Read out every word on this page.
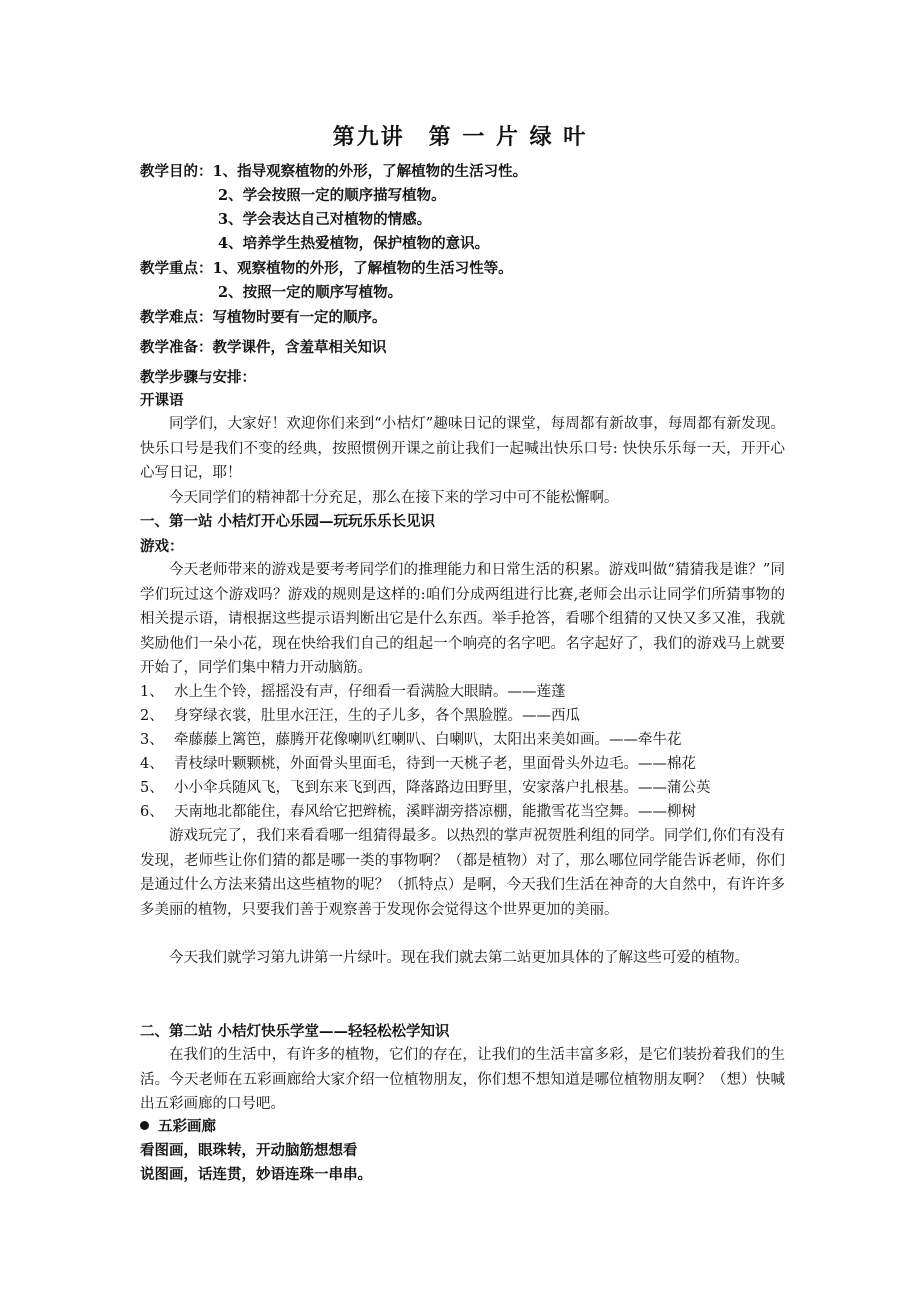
第九讲　第 一 片 绿 叶
教学目的：1、指导观察植物的外形，了解植物的生活习性。
2、学会按照一定的顺序描写植物。
3、学会表达自己对植物的情感。
4、培养学生热爱植物，保护植物的意识。
教学重点：1、观察植物的外形，了解植物的生活习性等。
2、按照一定的顺序写植物。
教学难点：写植物时要有一定的顺序。
教学准备：教学课件，含羞草相关知识
教学步骤与安排：
开课语

同学们，大家好！欢迎你们来到“小桔灯”趣味日记的课堂，每周都有新故事，每周都有新发现。快乐口号是我们不变的经典，按照惯例开课之前让我们一起喊出快乐口号: 快快乐乐每一天，开开心心写日记，耶！

今天同学们的精神都十分充足，那么在接下来的学习中可不能松懈啊。

一、第一站 小桔灯开心乐园—玩玩乐乐长见识
游戏：

今天老师带来的游戏是要考考同学们的推理能力和日常生活的积累。游戏叫做“猜猜我是谁？”同学们玩过这个游戏吗？游戏的规则是这样的:咱们分成两组进行比赛,老师会出示让同学们所猜事物的相关提示语，请根据这些提示语判断出它是什么东西。举手抢答，看哪个组猜的又快又多又准，我就奖励他们一朵小花，现在快给我们自己的组起一个响亮的名字吧。名字起好了，我们的游戏马上就要开始了，同学们集中精力开动脑筋。

1、 水上生个铃，摇摇没有声，仔细看一看满脸大眼睛。——莲蓬
2、 身穿绿衣裳，肚里水汪汪，生的子儿多，各个黑脸膛。——西瓜
3、 牵藤藤上篱笆，藤腾开花像喇叭红喇叭、白喇叭，太阳出来美如画。——牵牛花
4、 青枝绿叶颗颗桃，外面骨头里面毛，待到一天桃子老，里面骨头外边毛。——棉花
5、 小小伞兵随风飞，飞到东来飞到西，降落路边田野里，安家落户扎根基。——蒲公英
6、 天南地北都能住，春风给它把辫梳，溪畔湖旁搭凉棚，能撒雪花当空舞。——柳树

游戏玩完了，我们来看看哪一组猜得最多。以热烈的掌声祝贺胜利组的同学。同学们,你们有没有发现，老师些让你们猜的都是哪一类的事物啊？（都是植物）对了，那么哪位同学能告诉老师，你们是通过什么方法来猜出这些植物的呢？（抓特点）是啊，今天我们生活在神奇的大自然中，有许许多多美丽的植物，只要我们善于观察善于发现你会觉得这个世界更加的美丽。

今天我们就学习第九讲第一片绿叶。现在我们就去第二站更加具体的了解这些可爱的植物。

二、第二站 小桔灯快乐学堂——轻轻松松学知识

在我们的生活中，有许多的植物，它们的存在，让我们的生活丰富多彩，是它们装扮着我们的生活。今天老师在五彩画廊给大家介绍一位植物朋友，你们想不想知道是哪位植物朋友啊？（想）快喊出五彩画廊的口号吧。

五彩画廊
看图画，眼珠转，开动脑筋想想看
说图画，话连贯，妙语连珠一串串。
